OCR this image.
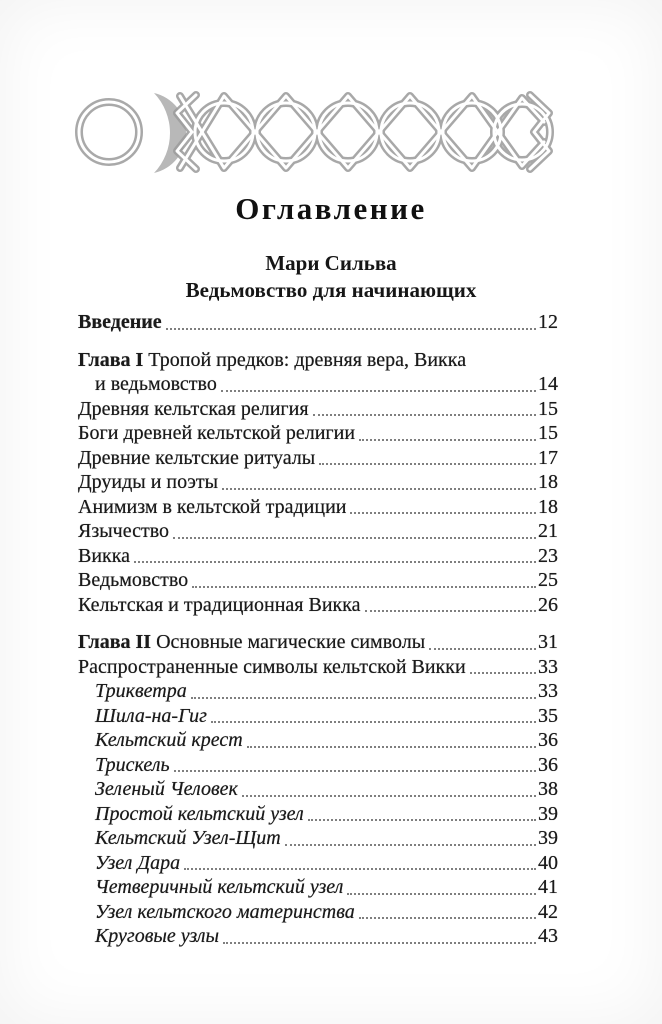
Оглавление
Мари Сильва
Ведьмовство для начинающих
Введение	12
Глава I Тропой предков: древняя вера, Викка
и ведьмовство	14
Древняя кельтская религия	15
Боги древней кельтской религии	15
Древние кельтские ритуалы	17
Друиды и поэты	18
Анимизм в кельтской традиции	18
Язычество	21
Викка	23
Ведьмовство	25
Кельтская и традиционная Викка	26
Глава II Основные магические символы	31
Распространенные символы кельтской Викки	33
Трикветра	33
Шила-на-Гиг	35
Кельтский крест	36
Трискель	36
Зеленый Человек	38
Простой кельтский узел	39
Кельтский Узел-Щит	39
Узел Дара	40
Четверичный кельтский узел	41
Узел кельтского материнства	42
Круговые узлы	43
